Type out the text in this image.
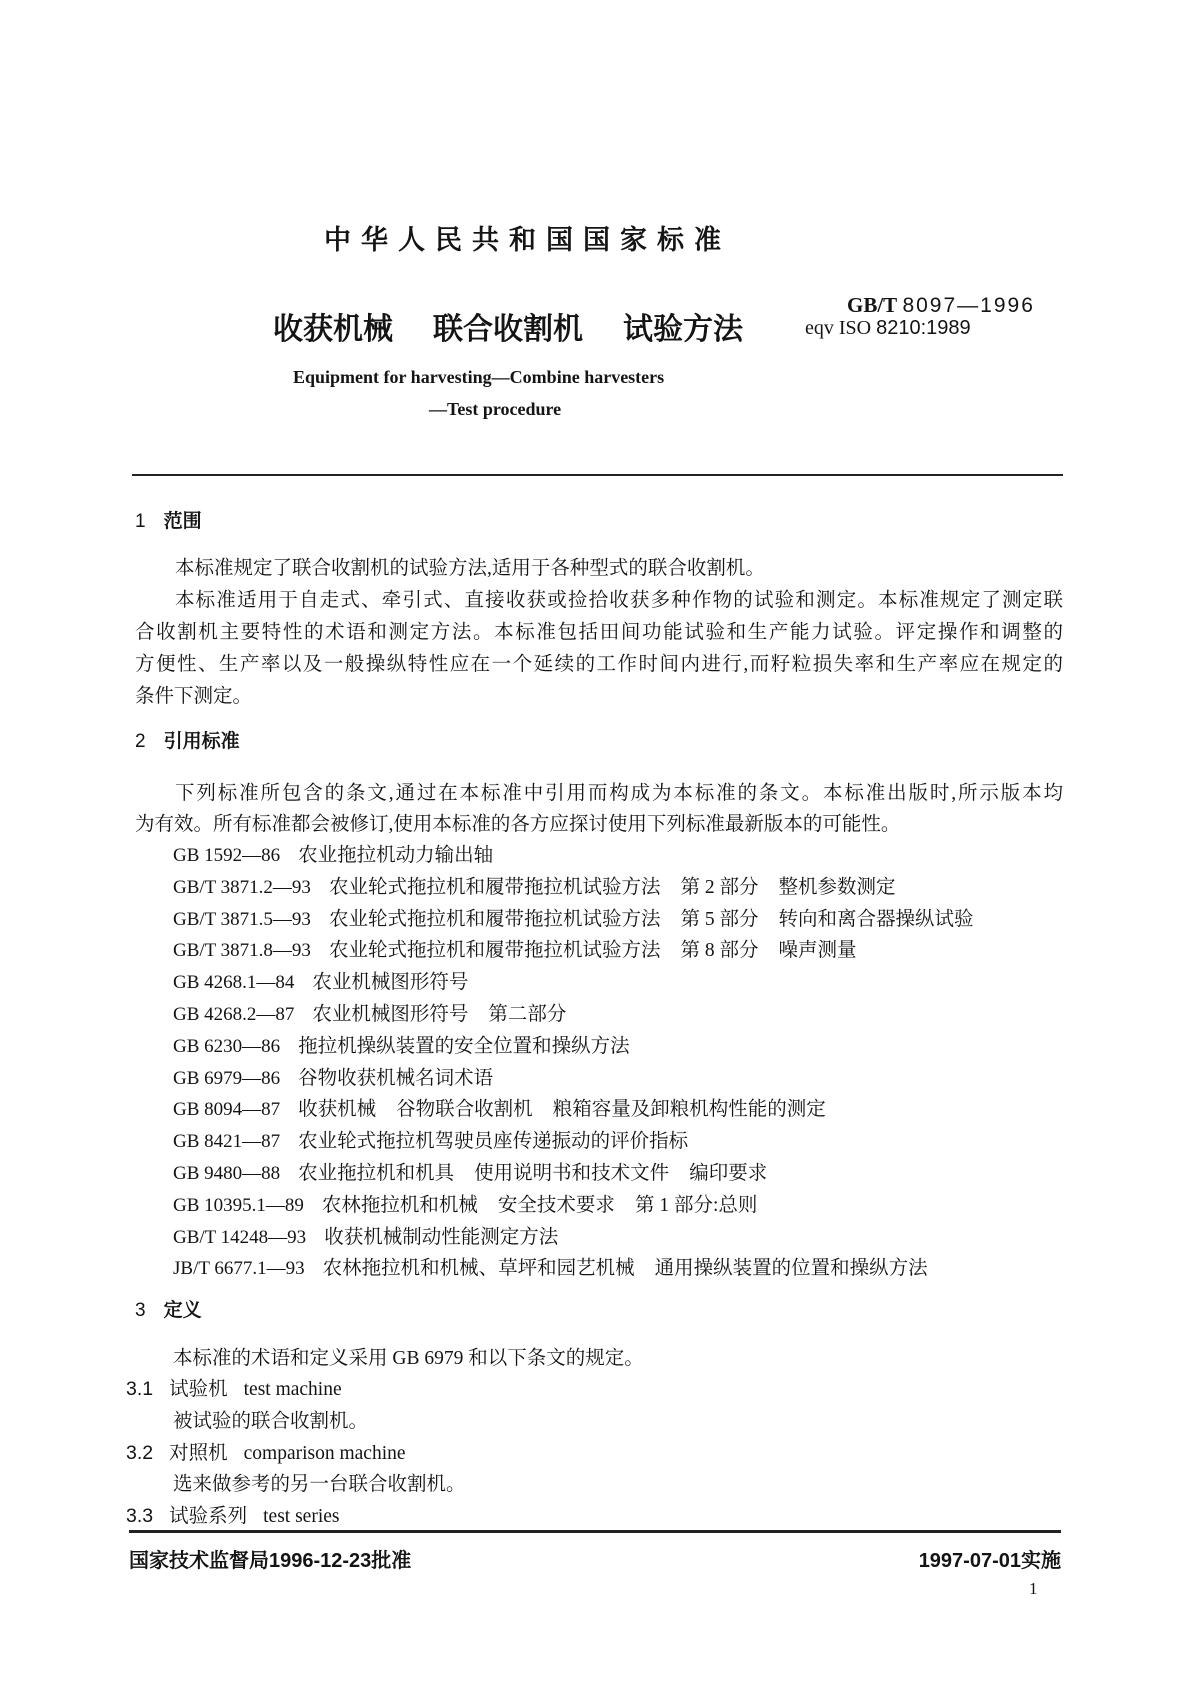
中华人民共和国国家标准
收获机械 联合收割机 试验方法
GB/T 8097—1996
eqv ISO 8210:1989
Equipment for harvesting—Combine harvesters
—Test procedure
1 范围
本标准规定了联合收割机的试验方法,适用于各种型式的联合收割机。
本标准适用于自走式、牵引式、直接收获或捡拾收获多种作物的试验和测定。本标准规定了测定联
合收割机主要特性的术语和测定方法。本标准包括田间功能试验和生产能力试验。评定操作和调整的
方便性、生产率以及一般操纵特性应在一个延续的工作时间内进行,而籽粒损失率和生产率应在规定的
条件下测定。
2 引用标准
下列标准所包含的条文,通过在本标准中引用而构成为本标准的条文。本标准出版时,所示版本均
为有效。所有标准都会被修订,使用本标准的各方应探讨使用下列标准最新版本的可能性。
GB 1592—86 农业拖拉机动力输出轴
GB/T 3871.2—93 农业轮式拖拉机和履带拖拉机试验方法 第 2 部分 整机参数测定
GB/T 3871.5—93 农业轮式拖拉机和履带拖拉机试验方法 第 5 部分 转向和离合器操纵试验
GB/T 3871.8—93 农业轮式拖拉机和履带拖拉机试验方法 第 8 部分 噪声测量
GB 4268.1—84 农业机械图形符号
GB 4268.2—87 农业机械图形符号 第二部分
GB 6230—86 拖拉机操纵装置的安全位置和操纵方法
GB 6979—86 谷物收获机械名词术语
GB 8094—87 收获机械 谷物联合收割机 粮箱容量及卸粮机构性能的测定
GB 8421—87 农业轮式拖拉机驾驶员座传递振动的评价指标
GB 9480—88 农业拖拉机和机具 使用说明书和技术文件 编印要求
GB 10395.1—89 农林拖拉机和机械 安全技术要求 第 1 部分:总则
GB/T 14248—93 收获机械制动性能测定方法
JB/T 6677.1—93 农林拖拉机和机械、草坪和园艺机械 通用操纵装置的位置和操纵方法
3 定义
本标准的术语和定义采用 GB 6979 和以下条文的规定。
3.1 试验机 test machine
被试验的联合收割机。
3.2 对照机 comparison machine
选来做参考的另一台联合收割机。
3.3 试验系列 test series
国家技术监督局1996-12-23批准	1997-07-01实施
1
